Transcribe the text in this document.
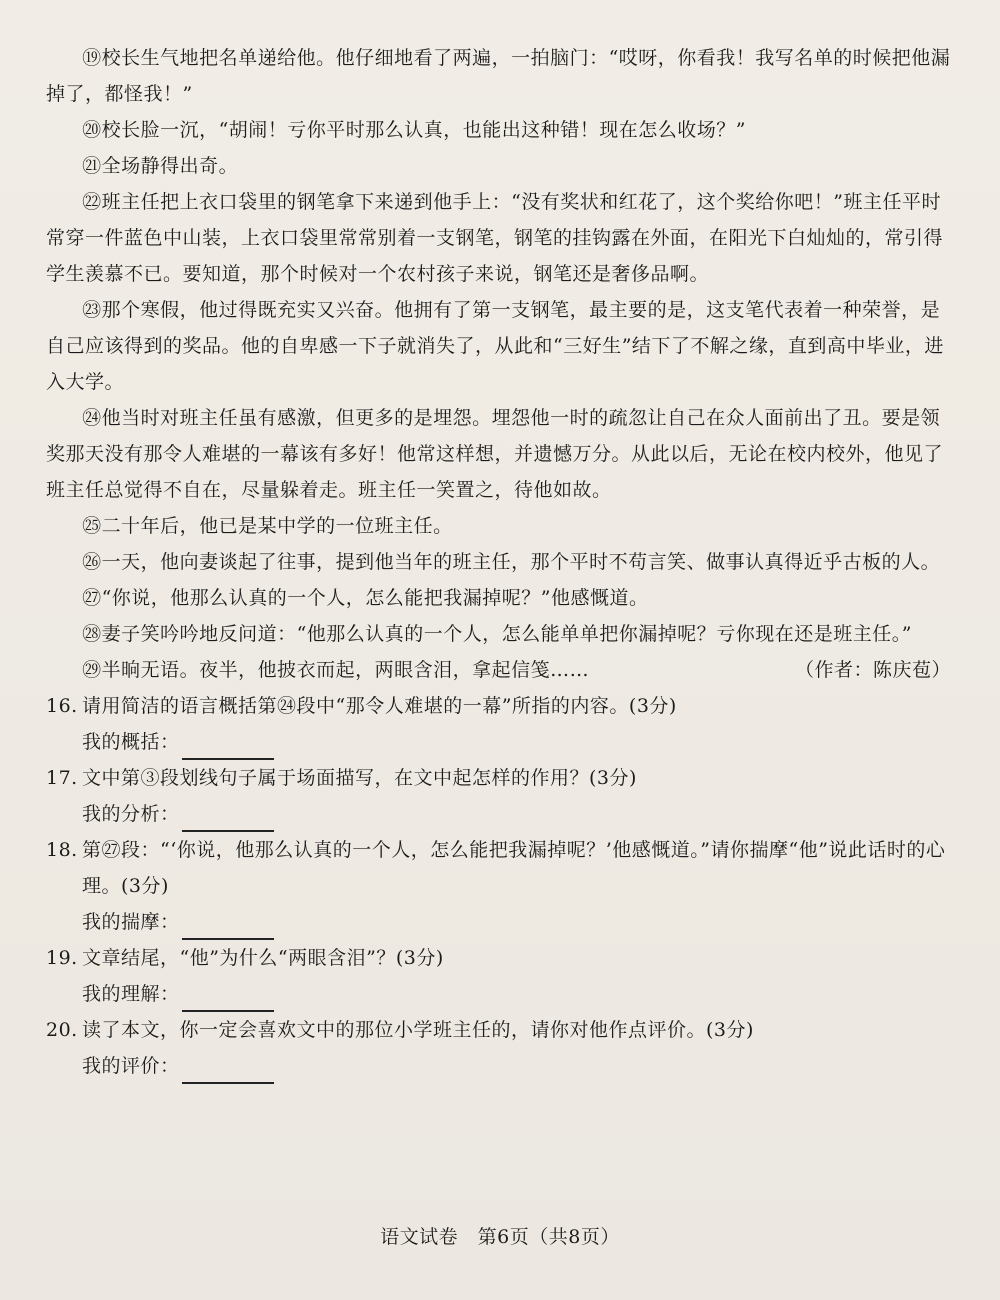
⑲校长生气地把名单递给他。他仔细地看了两遍，一拍脑门：“哎呀，你看我！我写名单的时候把他漏掉了，都怪我！”

⑳校长脸一沉，“胡闹！亏你平时那么认真，也能出这种错！现在怎么收场？”

㉑全场静得出奇。

㉒班主任把上衣口袋里的钢笔拿下来递到他手上：“没有奖状和红花了，这个奖给你吧！”班主任平时常穿一件蓝色中山装，上衣口袋里常常别着一支钢笔，钢笔的挂钩露在外面，在阳光下白灿灿的，常引得学生羡慕不已。要知道，那个时候对一个农村孩子来说，钢笔还是奢侈品啊。

㉓那个寒假，他过得既充实又兴奋。他拥有了第一支钢笔，最主要的是，这支笔代表着一种荣誉，是自己应该得到的奖品。他的自卑感一下子就消失了，从此和“三好生”结下了不解之缘，直到高中毕业，进入大学。

㉔他当时对班主任虽有感激，但更多的是埋怨。埋怨他一时的疏忽让自己在众人面前出了丑。要是领奖那天没有那令人难堪的一幕该有多好！他常这样想，并遗憾万分。从此以后，无论在校内校外，他见了班主任总觉得不自在，尽量躲着走。班主任一笑置之，待他如故。

㉕二十年后，他已是某中学的一位班主任。

㉖一天，他向妻谈起了往事，提到他当年的班主任，那个平时不苟言笑、做事认真得近乎古板的人。

㉗“你说，他那么认真的一个人，怎么能把我漏掉呢？”他感慨道。

㉘妻子笑吟吟地反问道：“他那么认真的一个人，怎么能单单把你漏掉呢？亏你现在还是班主任。”

㉙半晌无语。夜半，他披衣而起，两眼含泪，拿起信笺……	（作者：陈庆苞）

16. 请用简洁的语言概括第㉔段中“那令人难堪的一幕”所指的内容。(3分)

我的概括：

17. 文中第③段划线句子属于场面描写，在文中起怎样的作用？(3分)

我的分析：

18. 第㉗段：“‘你说，他那么认真的一个人，怎么能把我漏掉呢？’他感慨道。”请你揣摩“他”说此话时的心理。(3分)

我的揣摩：

19. 文章结尾，“他”为什么“两眼含泪”？(3分)

我的理解：

20. 读了本文，你一定会喜欢文中的那位小学班主任的，请你对他作点评价。(3分)

我的评价：

语文试卷　第6页（共8页）
